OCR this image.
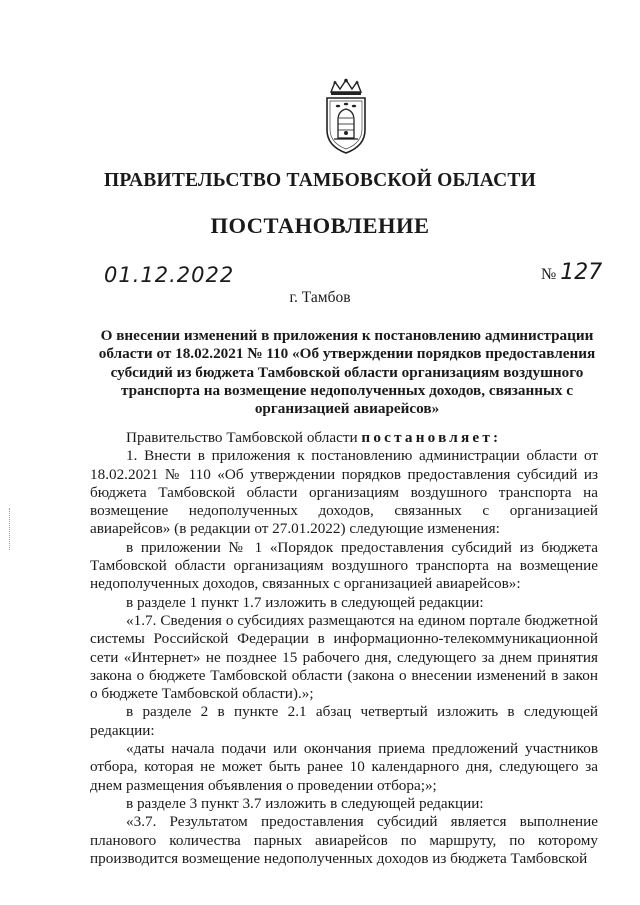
ПРАВИТЕЛЬСТВО ТАМБОВСКОЙ ОБЛАСТИ
ПОСТАНОВЛЕНИЕ
01.12.2022	№ 127
г. Тамбов
О внесении изменений в приложения к постановлению администрации области от 18.02.2021 № 110 «Об утверждении порядков предоставления субсидий из бюджета Тамбовской области организациям воздушного транспорта на возмещение недополученных доходов, связанных с организацией авиарейсов»

Правительство Тамбовской области постановляет:

1. Внести в приложения к постановлению администрации области от 18.02.2021 № 110 «Об утверждении порядков предоставления субсидий из бюджета Тамбовской области организациям воздушного транспорта на возмещение недополученных доходов, связанных с организацией авиарейсов» (в редакции от 27.01.2022) следующие изменения:

в приложении № 1 «Порядок предоставления субсидий из бюджета Тамбовской области организациям воздушного транспорта на возмещение недополученных доходов, связанных с организацией авиарейсов»:

в разделе 1 пункт 1.7 изложить в следующей редакции:

«1.7. Сведения о субсидиях размещаются на едином портале бюджетной системы Российской Федерации в информационно-телекоммуникационной сети «Интернет» не позднее 15 рабочего дня, следующего за днем принятия закона о бюджете Тамбовской области (закона о внесении изменений в закон о бюджете Тамбовской области).»;

в разделе 2 в пункте 2.1 абзац четвертый изложить в следующей редакции:

«даты начала подачи или окончания приема предложений участников отбора, которая не может быть ранее 10 календарного дня, следующего за днем размещения объявления о проведении отбора;»;

в разделе 3 пункт 3.7 изложить в следующей редакции:

«3.7. Результатом предоставления субсидий является выполнение планового количества парных авиарейсов по маршруту, по которому производится возмещение недополученных доходов из бюджета Тамбовской
